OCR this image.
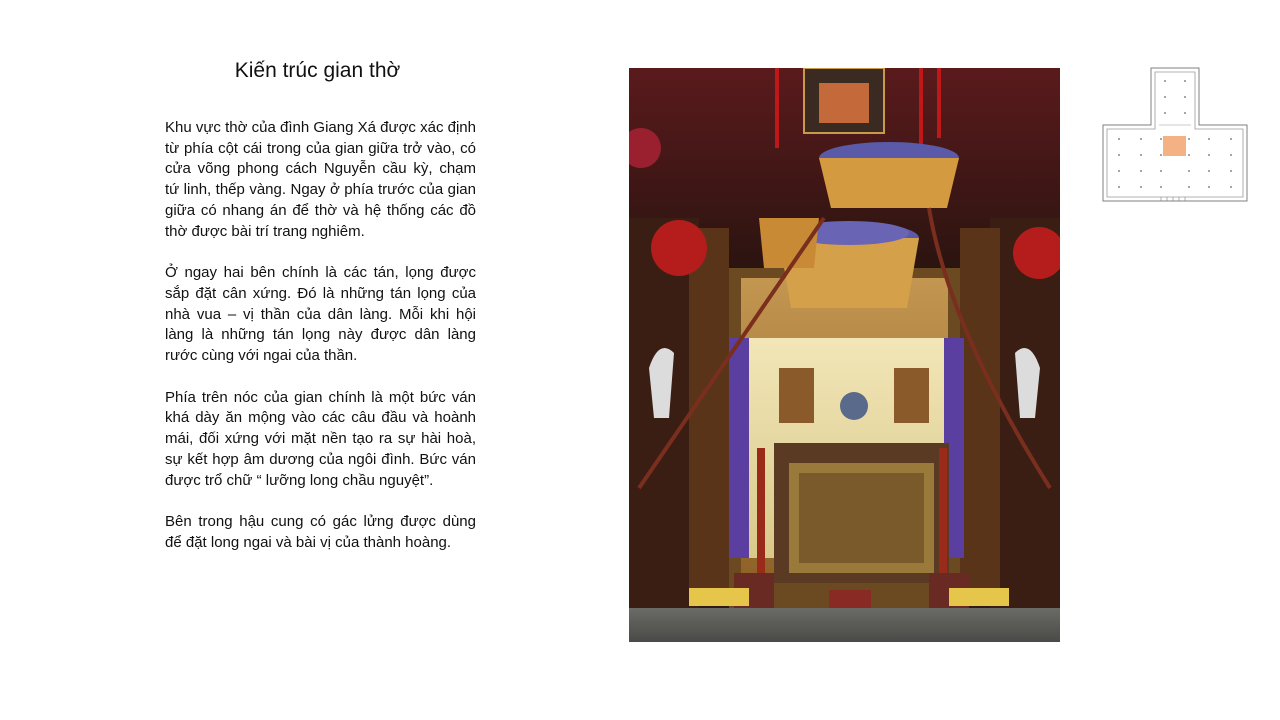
Kiến trúc gian thờ

Khu vực thờ của đình Giang Xá được xác định từ phía cột cái trong của gian giữa trở vào, có cửa võng phong cách Nguyễn cầu kỳ, chạm tứ linh, thếp vàng. Ngay ở phía trước của gian giữa có nhang án để thờ và hệ thống các đồ thờ được bài trí trang nghiêm.

Ở ngay hai bên chính là các tán, lọng được sắp đặt cân xứng. Đó là những tán lọng của nhà vua – vị thần của dân làng. Mỗi khi hội làng là những tán lọng này được dân làng rước cùng với ngai của thần.

Phía trên nóc của gian chính là một bức ván khá dày ăn mộng vào các câu đầu và hoành mái, đối xứng với mặt nền tạo ra sự hài hoà, sự kết hợp âm dương của ngôi đình. Bức ván được trổ chữ “ lưỡng long chầu nguyệt”.

Bên trong hậu cung có gác lửng được dùng để đặt long ngai và bài vị của thành hoàng.
